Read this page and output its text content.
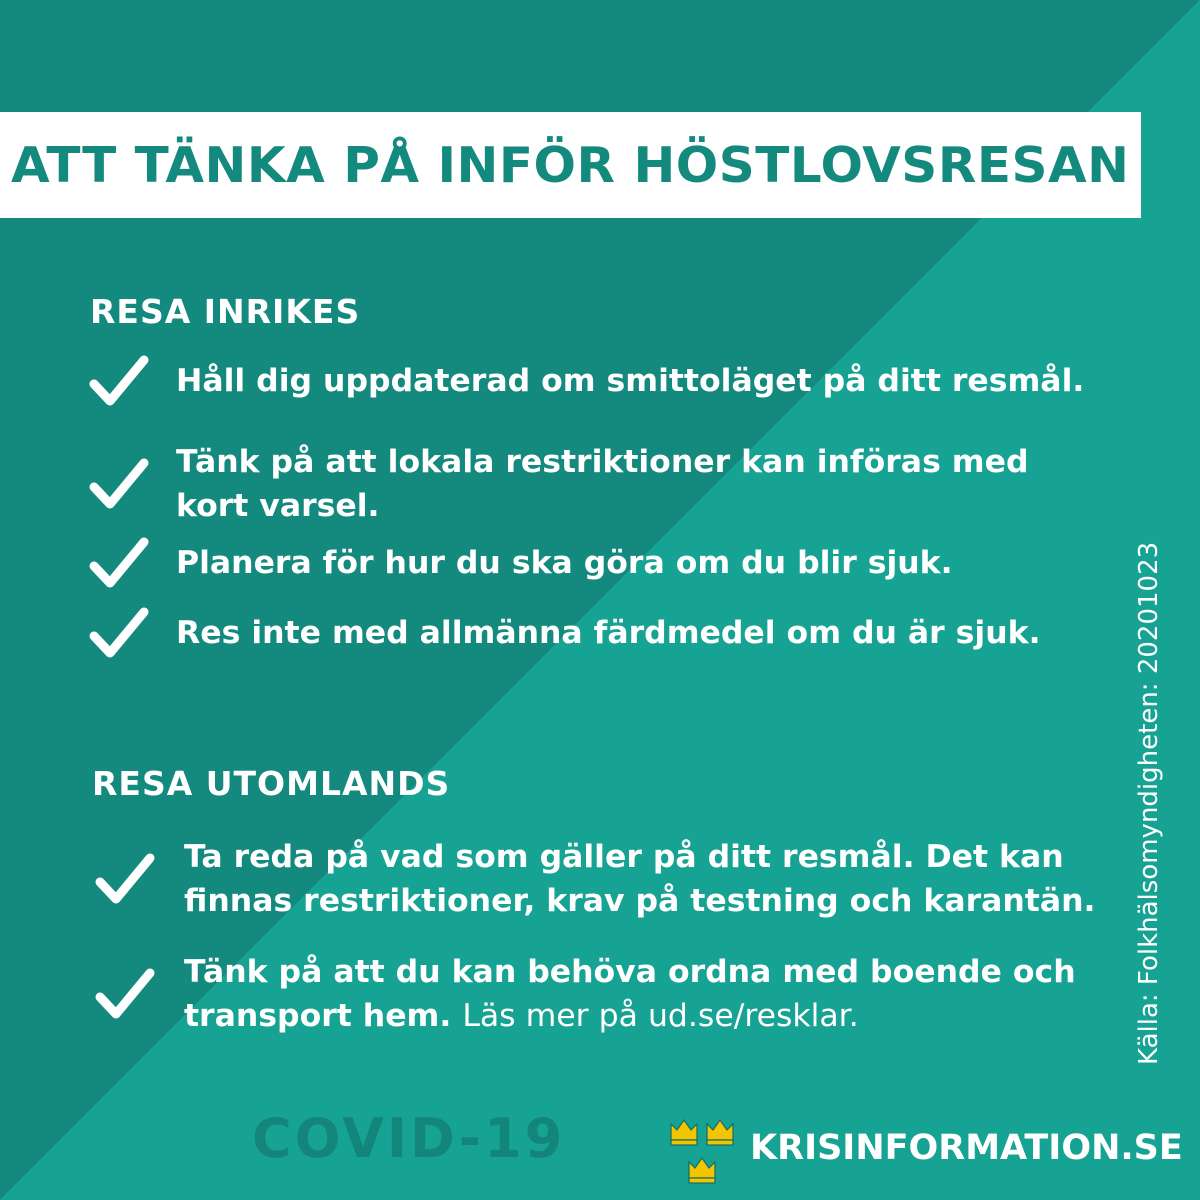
ATT TÄNKA PÅ INFÖR HÖSTLOVSRESAN
RESA INRIKES
Håll dig uppdaterad om smittoläget på ditt resmål.
Tänk på att lokala restriktioner kan införas med
kort varsel.
Planera för hur du ska göra om du blir sjuk.
Res inte med allmänna färdmedel om du är sjuk.
RESA UTOMLANDS
Ta reda på vad som gäller på ditt resmål. Det kan
finnas restriktioner, krav på testning och karantän.
Tänk på att du kan behöva ordna med boende och
transport hem. Läs mer på ud.se/resklar.	Källa: Folkhälsomyndigheten: 20201023
COVID-19	KRISINFORMATION.SE
